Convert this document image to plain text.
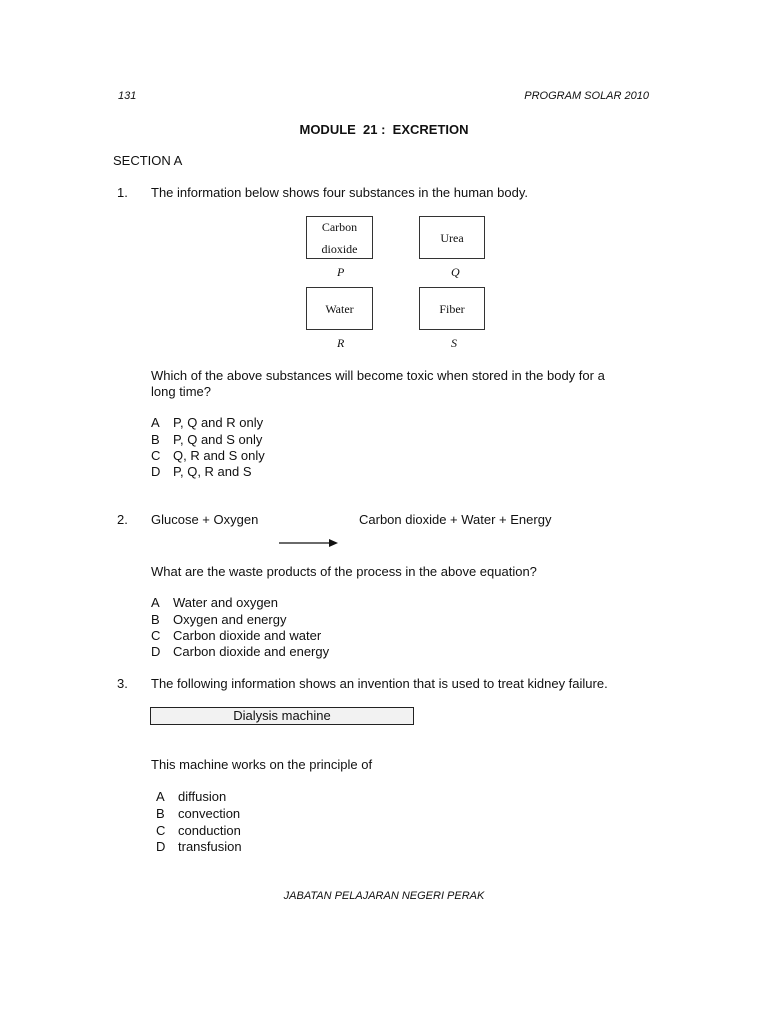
131	PROGRAM SOLAR 2010
MODULE  21 :  EXCRETION
SECTION A
1. The information below shows four substances in the human body.
Carbon
dioxide
P
Urea
Q
Water
R
Fiber
S
Which of the above substances will become toxic when stored in the body for a
long time?
A P, Q and R only
B P, Q and S only
C Q, R and S only
D P, Q, R and S
2. Glucose + Oxygen	Carbon dioxide + Water + Energy
What are the waste products of the process in the above equation?
A Water and oxygen
B Oxygen and energy
C Carbon dioxide and water
D Carbon dioxide and energy
3. The following information shows an invention that is used to treat kidney failure.
Dialysis machine
This machine works on the principle of
A diffusion
B convection
C conduction
D transfusion
JABATAN PELAJARAN NEGERI PERAK
